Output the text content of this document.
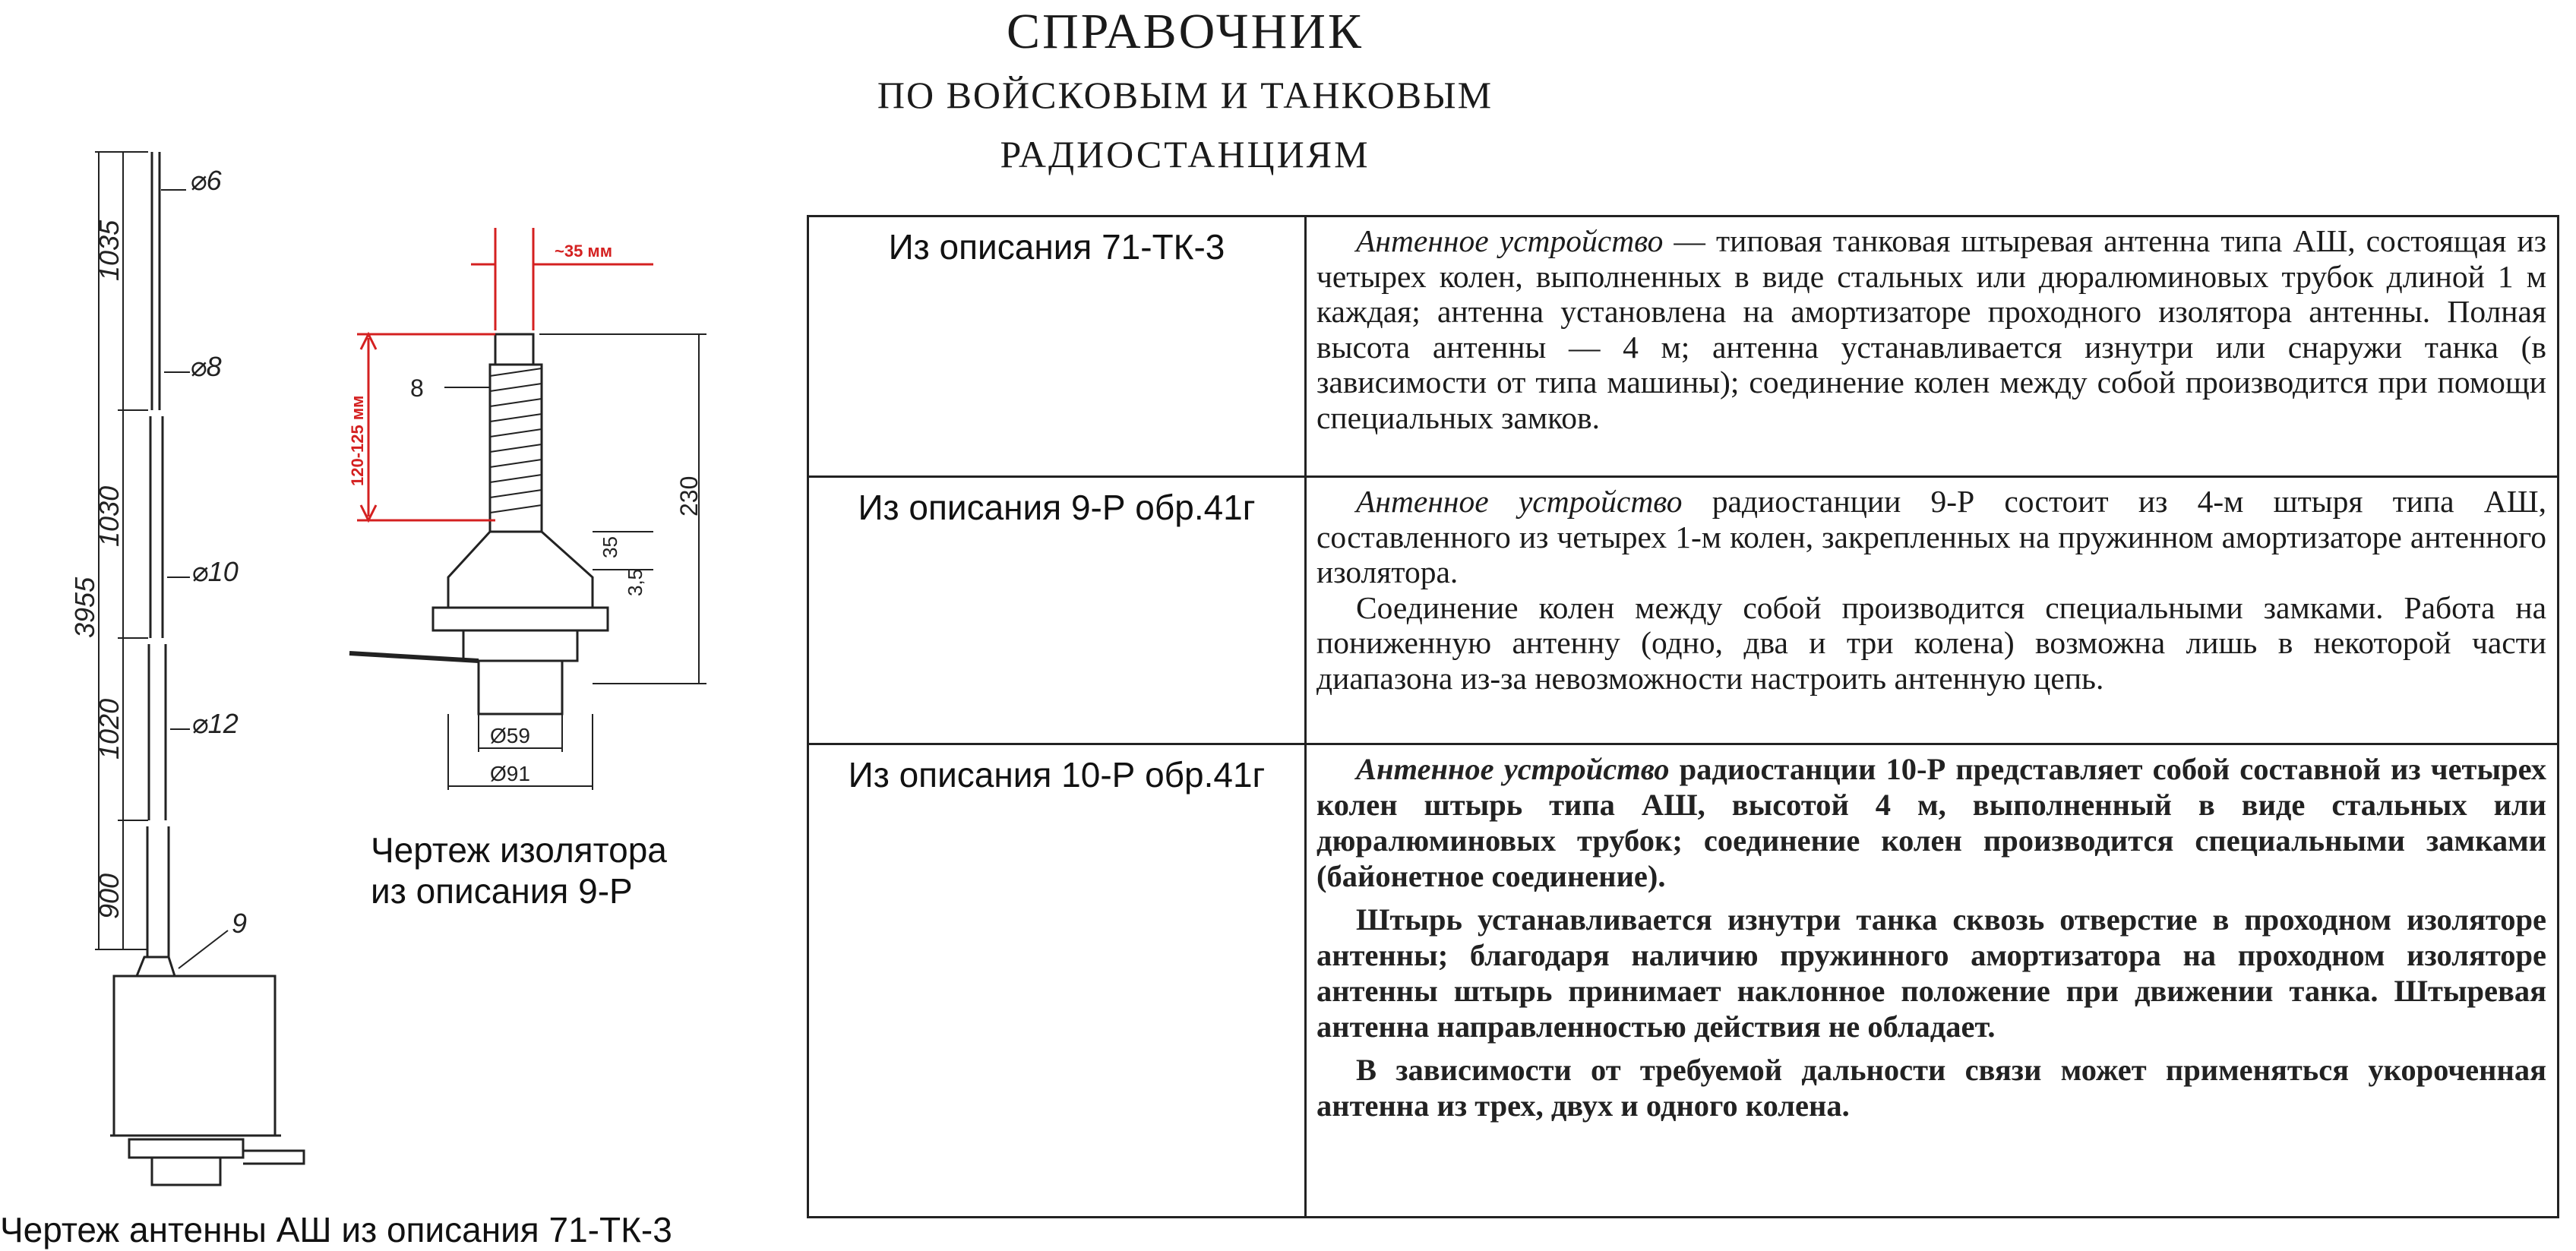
СПРАВОЧНИК
ПО ВОЙСКОВЫМ И ТАНКОВЫМ
РАДИОСТАНЦИЯМ
⌀6
⌀8
⌀10
⌀12
9
1035
1030
3955
1020
900
~35 мм
120-125 мм
8
230
35
3,5
Ø59
Ø91
Чертеж изолятора
из описания 9-Р
Чертеж антенны АШ из описания 71-ТК-3
Из описания 71-ТК-3	Антенное устройство — типовая танковая штыревая антенна типа АШ, состоящая из четырех колен, выполненных в виде стальных или дюралюминовых трубок длиной 1 м каждая; антенна установлена на амортизаторе проходного изолятора антенны. Полная высота антенны — 4 м; антенна устанавливается изнутри или снаружи танка (в зависимости от типа машины); соединение колен между собой производится при помощи специальных замков.

Из описания 9-Р обр.41г	Антенное устройство радиостанции 9-Р состоит из 4-м штыря типа АШ, составленного из четырех 1-м колен, закрепленных на пружинном амортизаторе антенного изолятора.

Соединение колен между собой производится специальными замками. Работа на пониженную антенну (одно, два и три колена) возможна лишь в некоторой части диапазона из-за невозможности настроить антенную цепь.

Из описания 10-Р обр.41г	Антенное устройство радиостанции 10-Р представляет собой составной из четырех колен штырь типа АШ, высотой 4 м, выполненный в виде стальных или дюралюминовых трубок; соединение колен производится специальными замками (байонетное соединение).

Штырь устанавливается изнутри танка сквозь отверстие в проходном изоляторе антенны; благодаря наличию пружинного амортизатора на проходном изоляторе антенны штырь принимает наклонное положение при движении танка. Штыревая антенна направленностью действия не обладает.

В зависимости от требуемой дальности связи может применяться укороченная антенна из трех, двух и одного колена.
